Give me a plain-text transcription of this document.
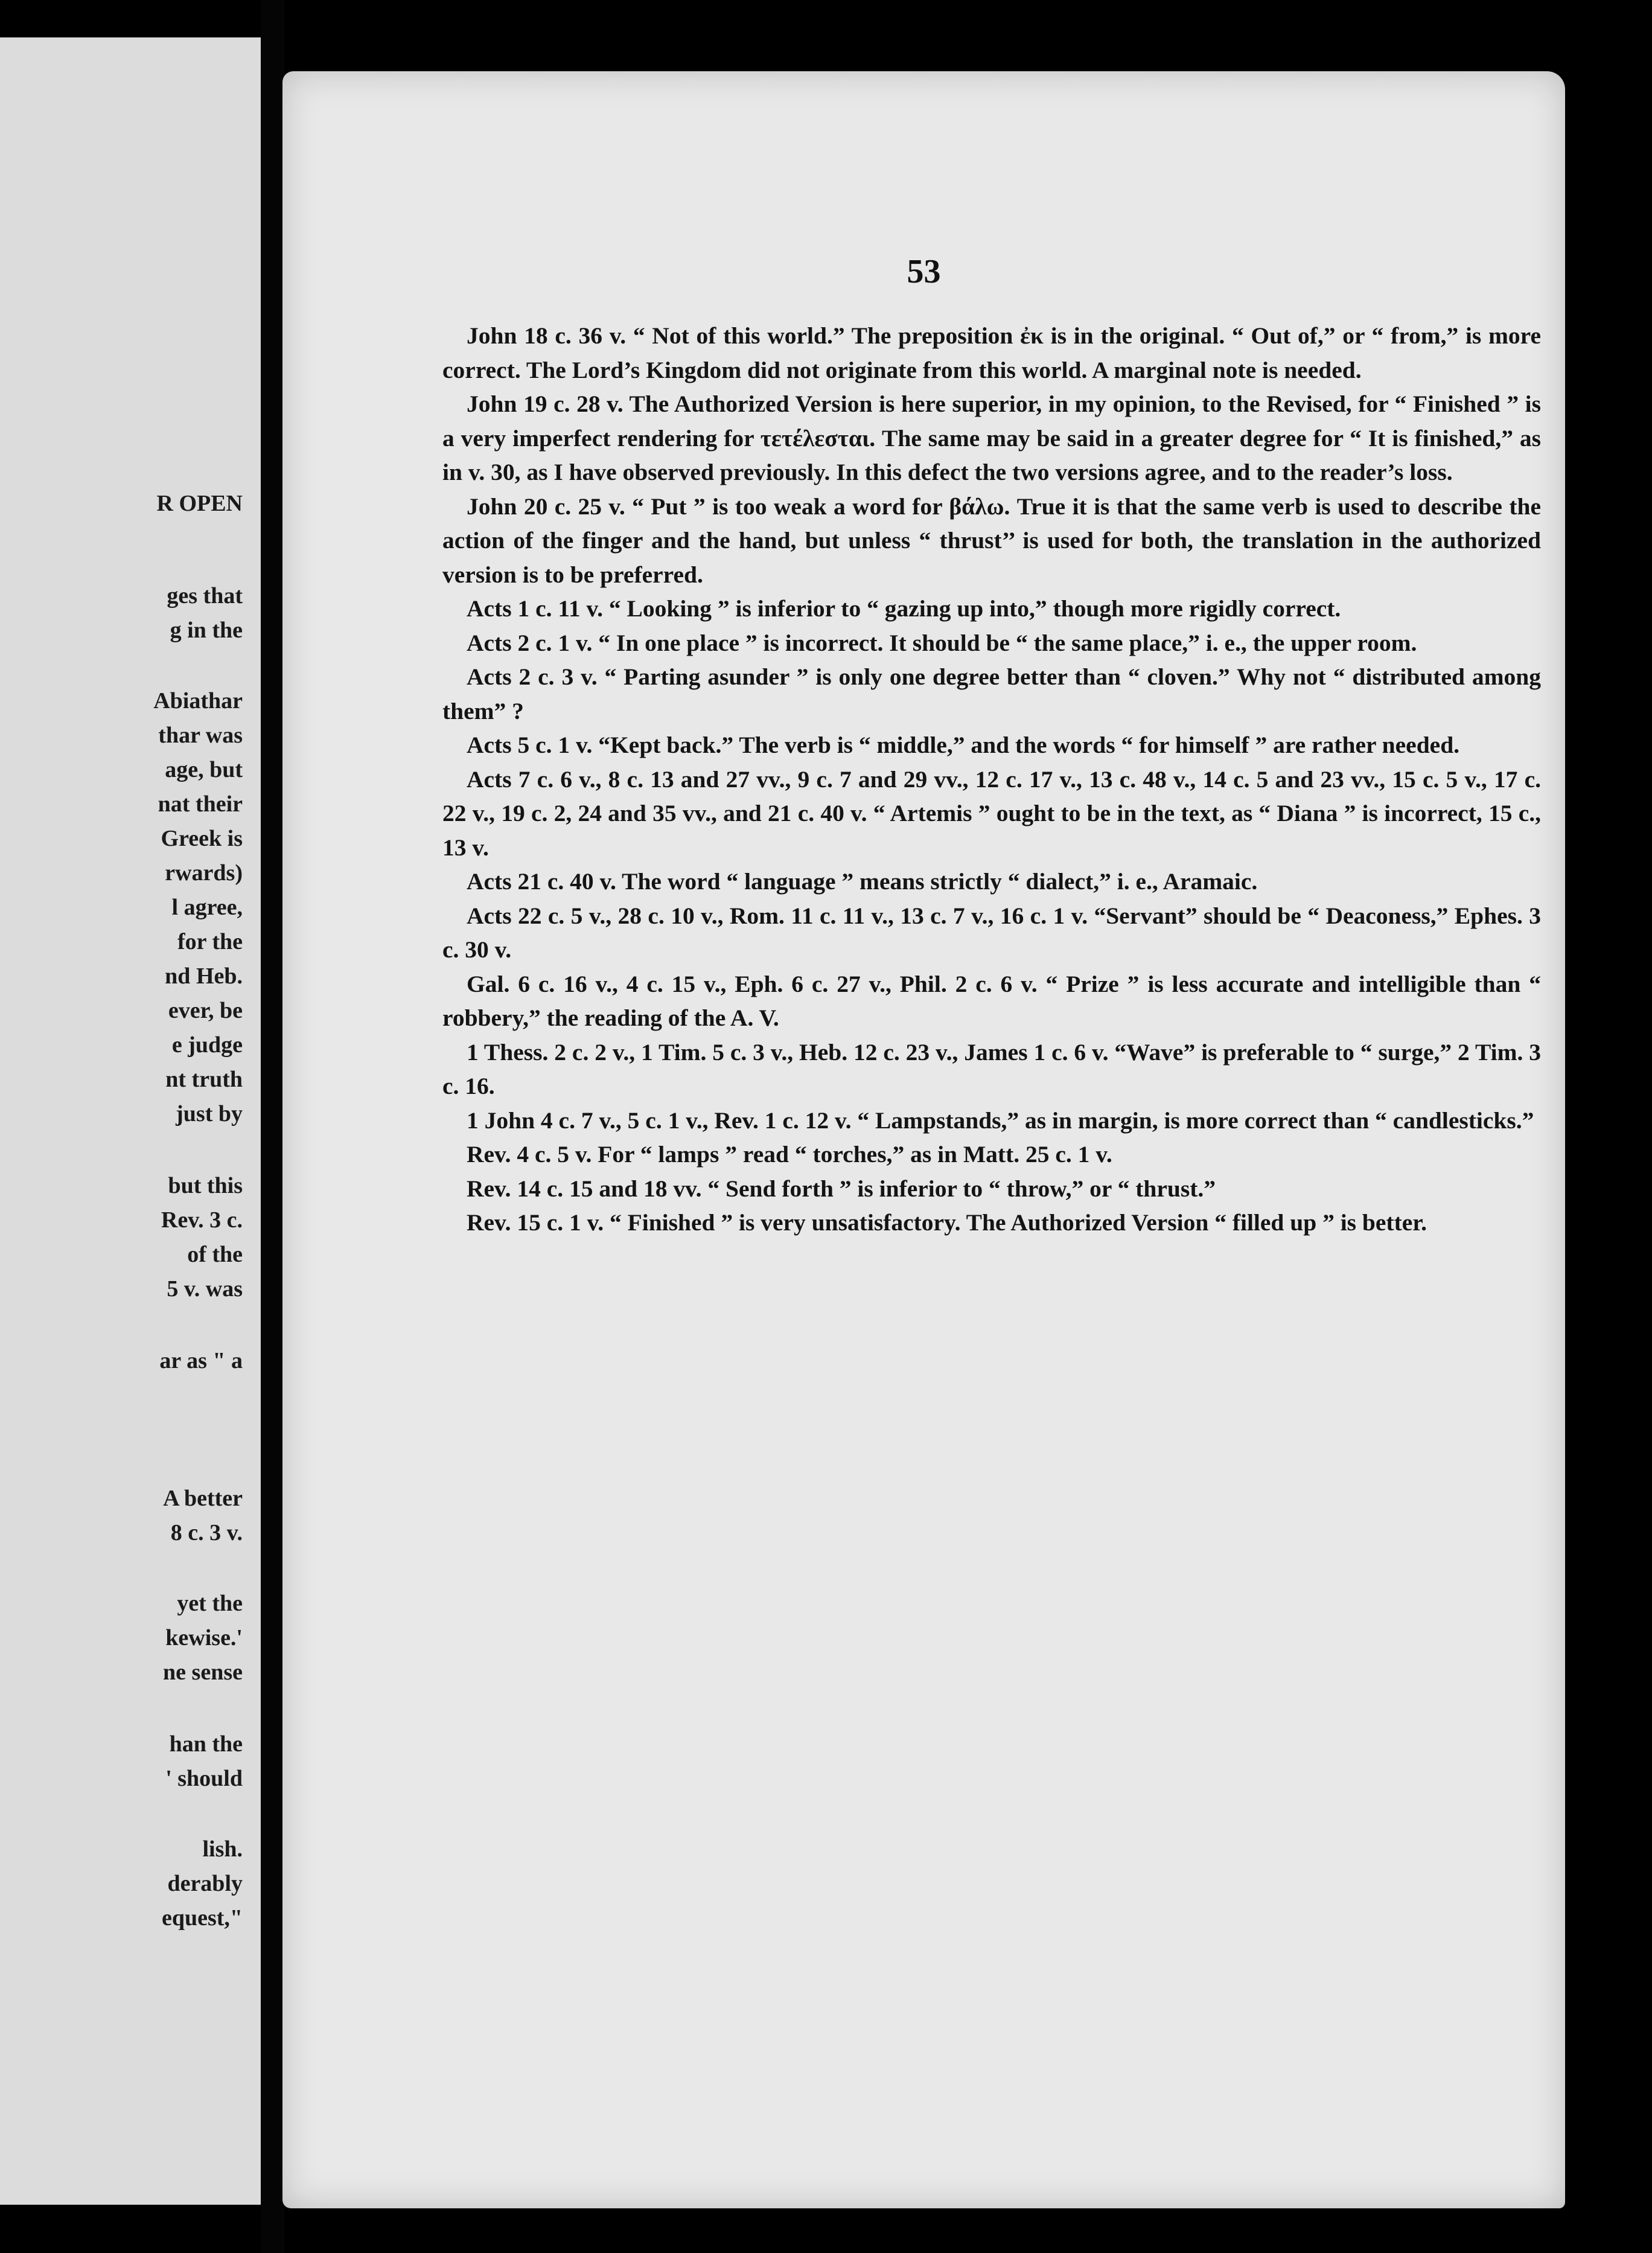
R OPEN
ges that
g in the
Abiathar
thar was
age, but
nat their
Greek is
rwards)
l agree,
for the
nd Heb.
ever, be
e judge
nt truth
just by
but this
Rev. 3 c.
of the
5 v. was
ar as " a
A better
8 c. 3 v.
yet the
kewise.'
ne sense
han the
' should
lish.
derably
equest,"
53

John 18 c. 36 v. “ Not of this world.” The preposition ἐκ is in the original. “ Out of,” or “ from,” is more correct. The Lord’s Kingdom did not originate from this world. A marginal note is needed.

John 19 c. 28 v. The Authorized Version is here superior, in my opinion, to the Revised, for “ Finished ” is a very imperfect rendering for τετέλεσται. The same may be said in a greater degree for “ It is finished,” as in v. 30, as I have observed previously. In this defect the two versions agree, and to the reader’s loss.

John 20 c. 25 v. “ Put ” is too weak a word for βάλω. True it is that the same verb is used to describe the action of the finger and the hand, but unless “ thrust’’ is used for both, the translation in the authorized version is to be preferred.

Acts 1 c. 11 v. “ Looking ” is inferior to “ gazing up into,” though more rigidly correct.

Acts 2 c. 1 v. “ In one place ” is incorrect. It should be “ the same place,” i. e., the upper room.

Acts 2 c. 3 v. “ Parting asunder ” is only one degree better than “ cloven.” Why not “ distributed among them” ?

Acts 5 c. 1 v. “Kept back.” The verb is “ middle,” and the words “ for himself ” are rather needed.

Acts 7 c. 6 v., 8 c. 13 and 27 vv., 9 c. 7 and 29 vv., 12 c. 17 v., 13 c. 48 v., 14 c. 5 and 23 vv., 15 c. 5 v., 17 c. 22 v., 19 c. 2, 24 and 35 vv., and 21 c. 40 v. “ Artemis ” ought to be in the text, as “ Diana ” is incorrect, 15 c., 13 v.

Acts 21 c. 40 v. The word “ language ” means strictly “ dialect,” i. e., Aramaic.

Acts 22 c. 5 v., 28 c. 10 v., Rom. 11 c. 11 v., 13 c. 7 v., 16 c. 1 v. “Servant” should be “ Deaconess,” Ephes. 3 c. 30 v.

Gal. 6 c. 16 v., 4 c. 15 v., Eph. 6 c. 27 v., Phil. 2 c. 6 v. “ Prize ” is less accurate and intelligible than “ robbery,” the reading of the A. V.

1 Thess. 2 c. 2 v., 1 Tim. 5 c. 3 v., Heb. 12 c. 23 v., James 1 c. 6 v. “Wave” is preferable to “ surge,” 2 Tim. 3 c. 16.

1 John 4 c. 7 v., 5 c. 1 v., Rev. 1 c. 12 v. “ Lampstands,” as in margin, is more correct than “ candlesticks.”

Rev. 4 c. 5 v. For “ lamps ” read “ torches,” as in Matt. 25 c. 1 v.

Rev. 14 c. 15 and 18 vv. “ Send forth ” is inferior to “ throw,” or “ thrust.”

Rev. 15 c. 1 v. “ Finished ” is very unsatisfactory. The Authorized Version “ filled up ” is better.
